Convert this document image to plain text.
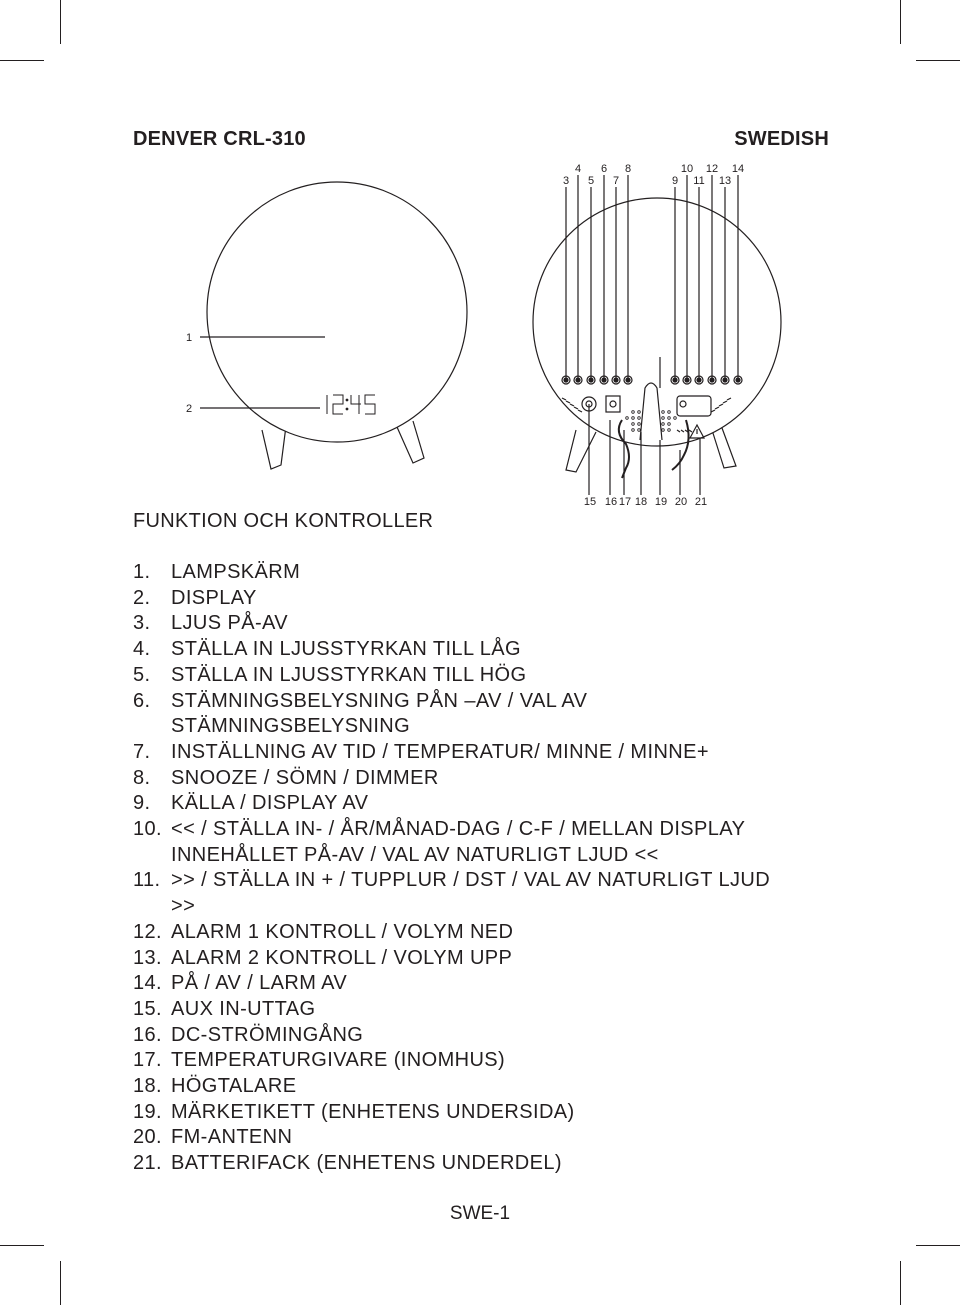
DENVER CRL-310	SWEDISH
4 6 8	10 12 14
3 5 7	9 11 13
1
2
15 16 17 18 19 20 21
FUNKTION OCH KONTROLLER
1.	LAMPSKÄRM
2.	DISPLAY
3.	LJUS PÅ-AV
4.	STÄLLA IN LJUSSTYRKAN TILL LÅG
5.	STÄLLA IN LJUSSTYRKAN TILL HÖG
6.	STÄMNINGSBELYSNING PÅN –AV / VAL AV STÄMNINGSBELYSNING
7.	INSTÄLLNING AV TID / TEMPERATUR/ MINNE / MINNE+
8.	SNOOZE / SÖMN / DIMMER
9.	KÄLLA / DISPLAY AV
10. << / STÄLLA IN- / ÅR/MÅNAD-DAG / C-F / MELLAN DISPLAY INNEHÅLLET PÅ-AV / VAL AV NATURLIGT LJUD <<
11. >> / STÄLLA IN + / TUPPLUR / DST / VAL AV NATURLIGT LJUD >>
12. ALARM 1 KONTROLL / VOLYM NED
13. ALARM 2 KONTROLL / VOLYM UPP
14. PÅ / AV / LARM AV
15. AUX IN-UTTAG
16. DC-STRÖMINGÅNG
17. TEMPERATURGIVARE (INOMHUS)
18. HÖGTALARE
19. MÄRKETIKETT (ENHETENS UNDERSIDA)
20. FM-ANTENN
21. BATTERIFACK (ENHETENS UNDERDEL)
SWE-1
